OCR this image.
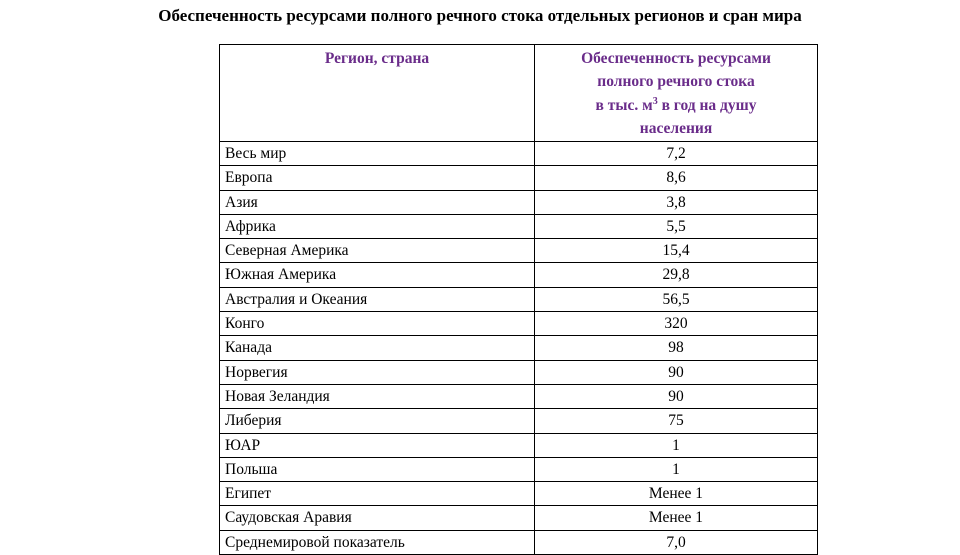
Обеспеченность ресурсами полного речного стока отдельных регионов и сран мира
Регион, страна	Обеспеченность ресурсами
полного речного стока
в тыс. $м^3$ в год на душу
населения
Весь мир	7,2
Европа	8,6
Азия	3,8
Африка	5,5
Северная Америка	15,4
Южная Америка	29,8
Австралия и Океания	56,5
Конго	320
Канада	98
Норвегия	90
Новая Зеландия	90
Либерия	75
ЮАР	1
Польша	1
Египет	Менее 1
Саудовская Аравия	Менее 1
Среднемировой показатель	7,0
